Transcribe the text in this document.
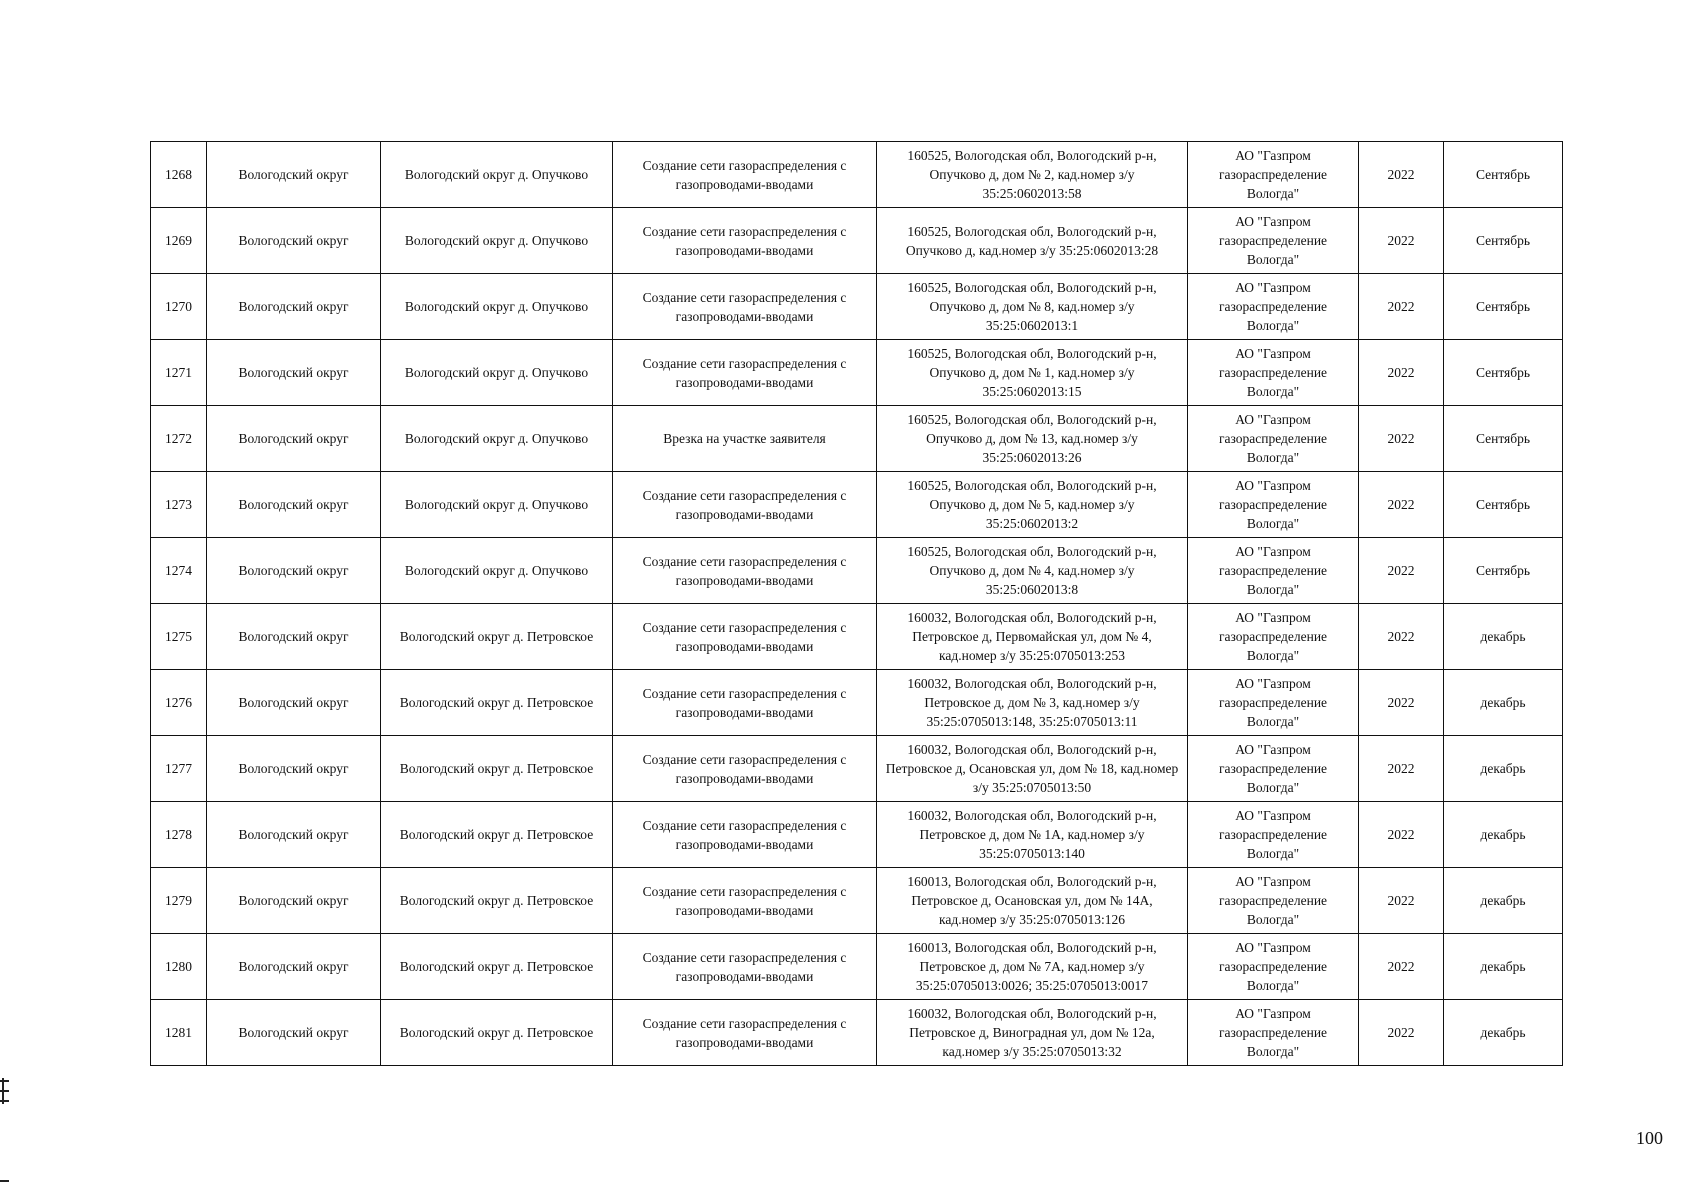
1268	Вологодский округ	Вологодский округ д. Опучково	Создание сети газораспределения с газопроводами-вводами	160525, Вологодская обл, Вологодский р-н, Опучково д, дом № 2, кад.номер з/у 35:25:0602013:58	АО "Газпром газораспределение Вологда"	2022	Сентябрь
1269	Вологодский округ	Вологодский округ д. Опучково	Создание сети газораспределения с газопроводами-вводами	160525, Вологодская обл, Вологодский р-н, Опучково д, кад.номер з/у 35:25:0602013:28	АО "Газпром газораспределение Вологда"	2022	Сентябрь
1270	Вологодский округ	Вологодский округ д. Опучково	Создание сети газораспределения с газопроводами-вводами	160525, Вологодская обл, Вологодский р-н, Опучково д, дом № 8, кад.номер з/у 35:25:0602013:1	АО "Газпром газораспределение Вологда"	2022	Сентябрь
1271	Вологодский округ	Вологодский округ д. Опучково	Создание сети газораспределения с газопроводами-вводами	160525, Вологодская обл, Вологодский р-н, Опучково д, дом № 1, кад.номер з/у 35:25:0602013:15	АО "Газпром газораспределение Вологда"	2022	Сентябрь
1272	Вологодский округ	Вологодский округ д. Опучково	Врезка на участке заявителя	160525, Вологодская обл, Вологодский р-н, Опучково д, дом № 13, кад.номер з/у 35:25:0602013:26	АО "Газпром газораспределение Вологда"	2022	Сентябрь
1273	Вологодский округ	Вологодский округ д. Опучково	Создание сети газораспределения с газопроводами-вводами	160525, Вологодская обл, Вологодский р-н, Опучково д, дом № 5, кад.номер з/у 35:25:0602013:2	АО "Газпром газораспределение Вологда"	2022	Сентябрь
1274	Вологодский округ	Вологодский округ д. Опучково	Создание сети газораспределения с газопроводами-вводами	160525, Вологодская обл, Вологодский р-н, Опучково д, дом № 4, кад.номер з/у 35:25:0602013:8	АО "Газпром газораспределение Вологда"	2022	Сентябрь
1275	Вологодский округ	Вологодский округ д. Петровское	Создание сети газораспределения с газопроводами-вводами	160032, Вологодская обл, Вологодский р-н, Петровское д, Первомайская ул, дом № 4, кад.номер з/у 35:25:0705013:253	АО "Газпром газораспределение Вологда"	2022	декабрь
1276	Вологодский округ	Вологодский округ д. Петровское	Создание сети газораспределения с газопроводами-вводами	160032, Вологодская обл, Вологодский р-н, Петровское д, дом № 3, кад.номер з/у 35:25:0705013:148, 35:25:0705013:11	АО "Газпром газораспределение Вологда"	2022	декабрь
1277	Вологодский округ	Вологодский округ д. Петровское	Создание сети газораспределения с газопроводами-вводами	160032, Вологодская обл, Вологодский р-н, Петровское д, Осановская ул, дом № 18, кад.номер з/у 35:25:0705013:50	АО "Газпром газораспределение Вологда"	2022	декабрь
1278	Вологодский округ	Вологодский округ д. Петровское	Создание сети газораспределения с газопроводами-вводами	160032, Вологодская обл, Вологодский р-н, Петровское д, дом № 1А, кад.номер з/у 35:25:0705013:140	АО "Газпром газораспределение Вологда"	2022	декабрь
1279	Вологодский округ	Вологодский округ д. Петровское	Создание сети газораспределения с газопроводами-вводами	160013, Вологодская обл, Вологодский р-н, Петровское д, Осановская ул, дом № 14А, кад.номер з/у 35:25:0705013:126	АО "Газпром газораспределение Вологда"	2022	декабрь
1280	Вологодский округ	Вологодский округ д. Петровское	Создание сети газораспределения с газопроводами-вводами	160013, Вологодская обл, Вологодский р-н, Петровское д, дом № 7А, кад.номер з/у 35:25:0705013:0026; 35:25:0705013:0017	АО "Газпром газораспределение Вологда"	2022	декабрь
1281	Вологодский округ	Вологодский округ д. Петровское	Создание сети газораспределения с газопроводами-вводами	160032, Вологодская обл, Вологодский р-н, Петровское д, Виноградная ул, дом № 12а, кад.номер з/у 35:25:0705013:32	АО "Газпром газораспределение Вологда"	2022	декабрь
100
